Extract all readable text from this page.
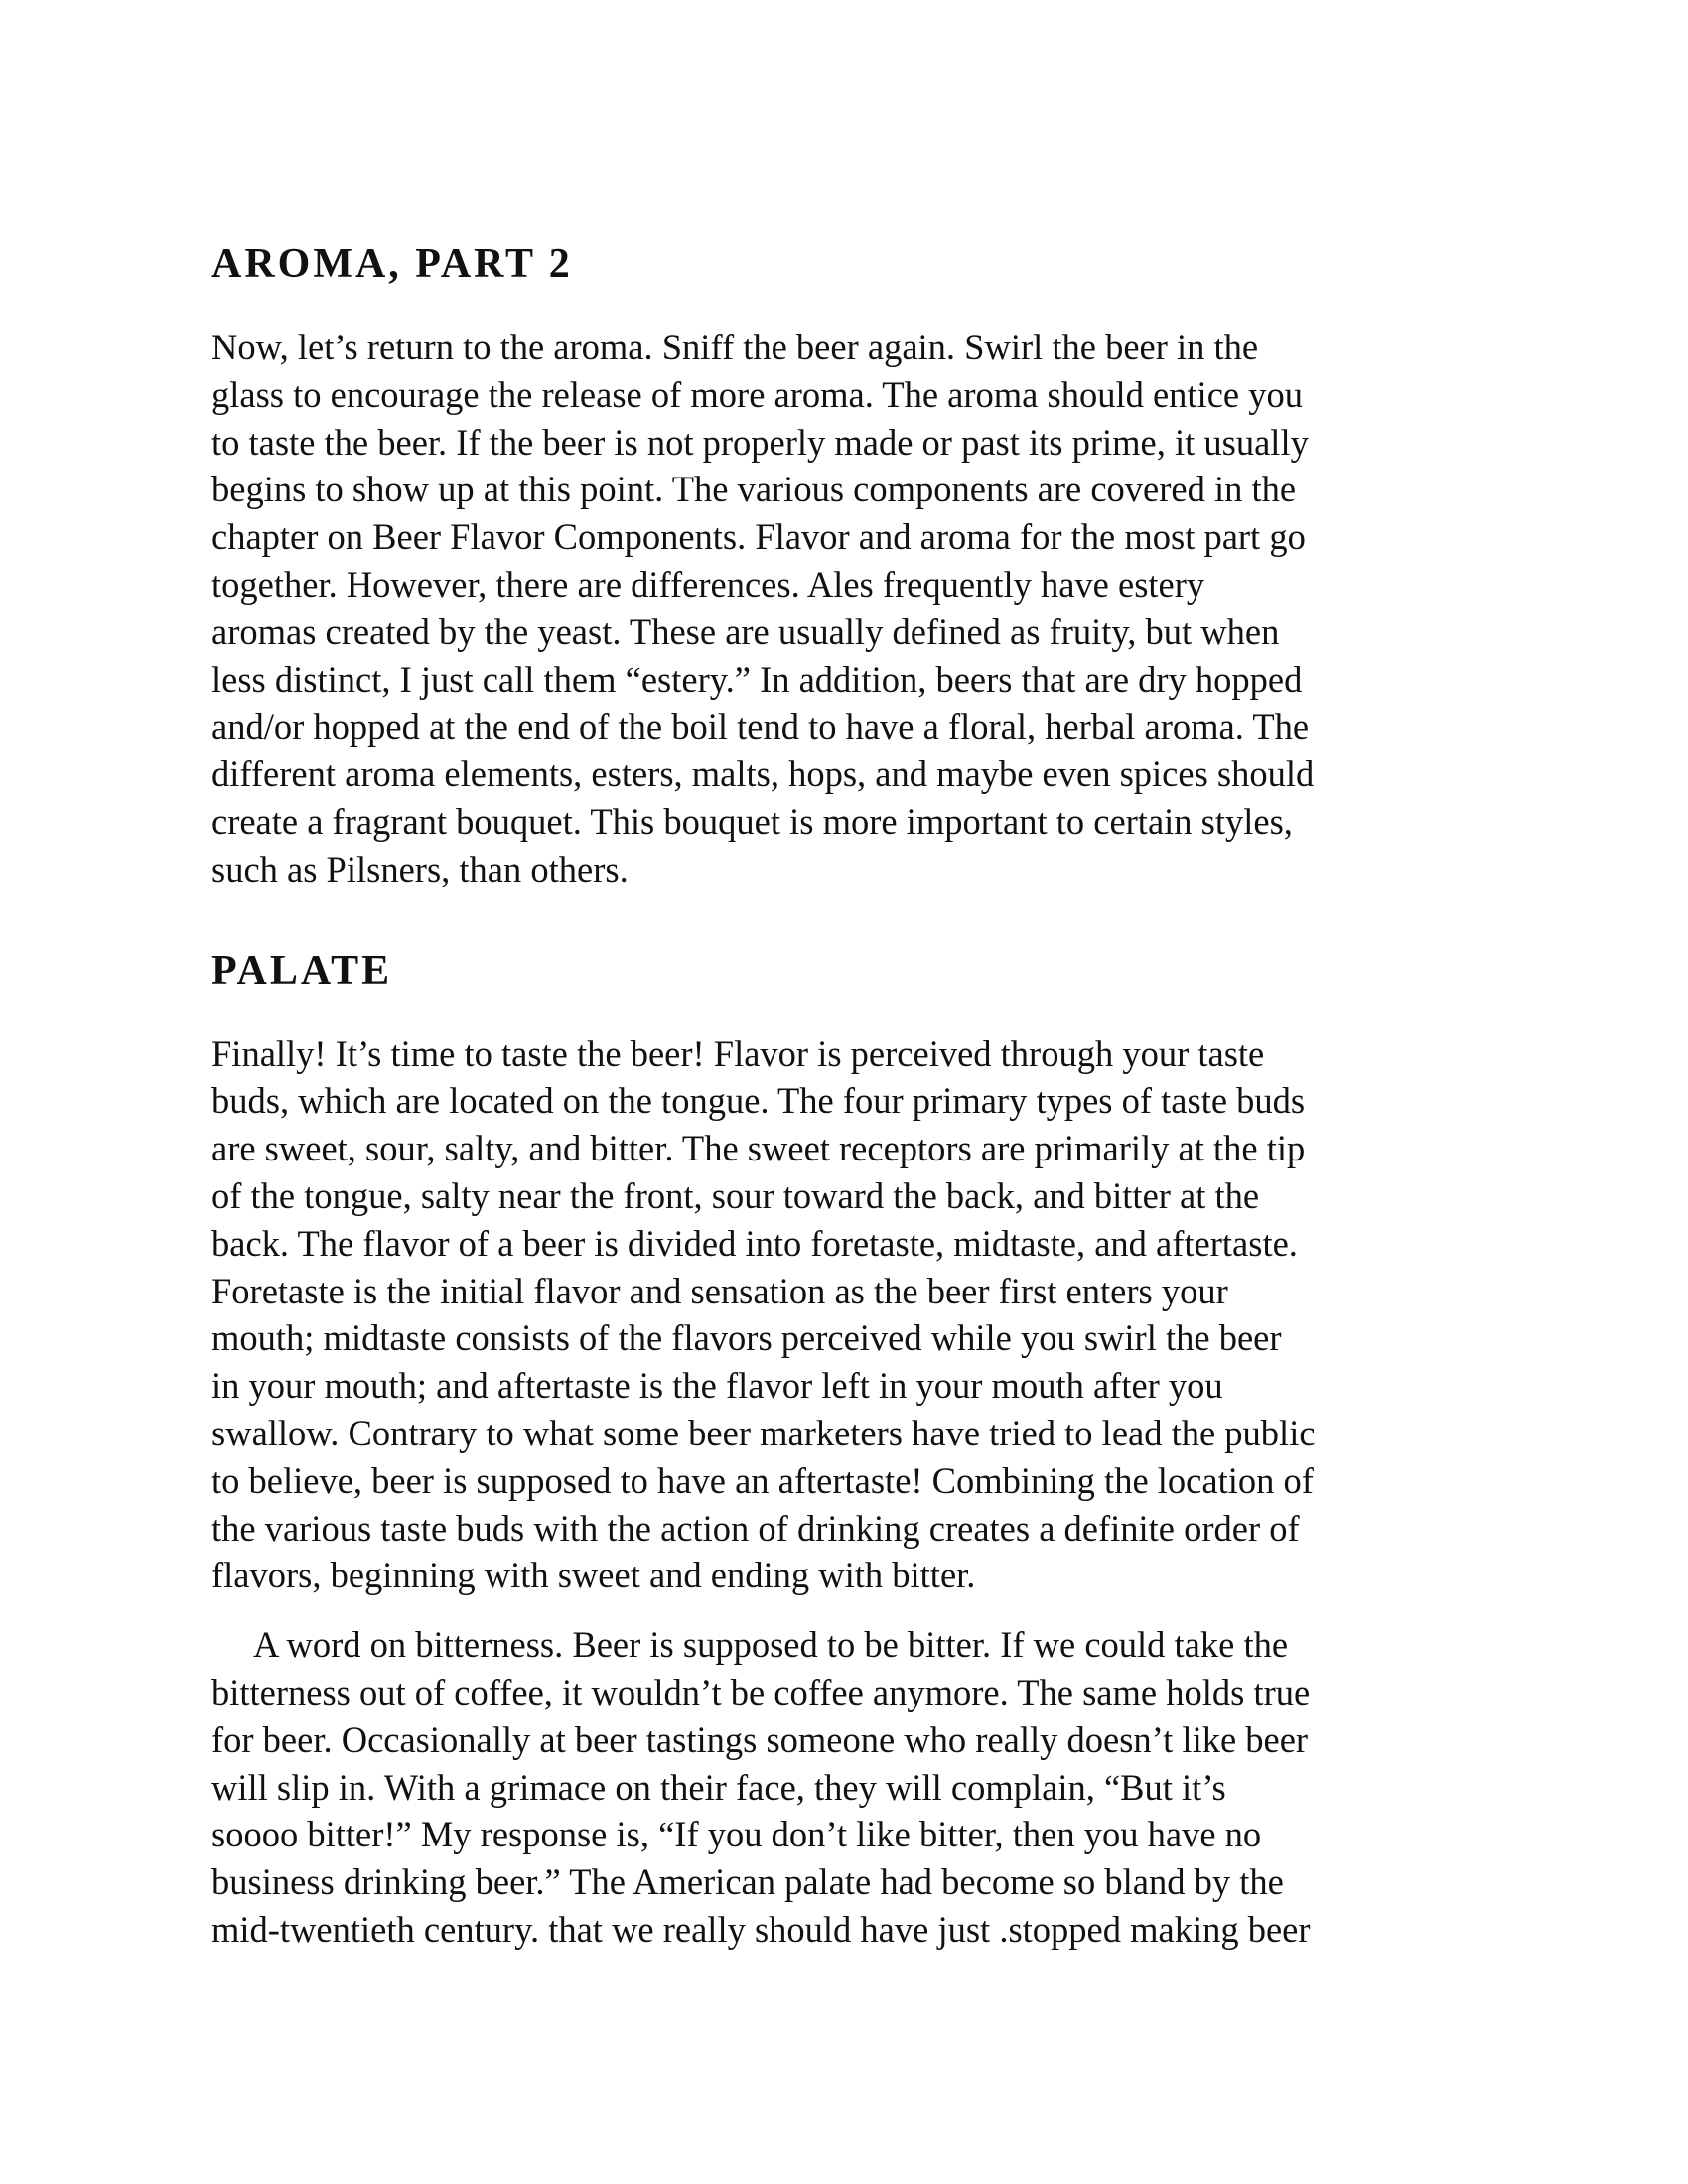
AROMA, PART 2

Now, let’s return to the aroma. Sniff the beer again. Swirl the beer in the
glass to encourage the release of more aroma. The aroma should entice you
to taste the beer. If the beer is not properly made or past its prime, it usually
begins to show up at this point. The various components are covered in the
chapter on Beer Flavor Components. Flavor and aroma for the most part go
together. However, there are differences. Ales frequently have estery
aromas created by the yeast. These are usually defined as fruity, but when
less distinct, I just call them “estery.” In addition, beers that are dry hopped
and/or hopped at the end of the boil tend to have a floral, herbal aroma. The
different aroma elements, esters, malts, hops, and maybe even spices should
create a fragrant bouquet. This bouquet is more important to certain styles,
such as Pilsners, than others.

PALATE

Finally! It’s time to taste the beer! Flavor is perceived through your taste
buds, which are located on the tongue. The four primary types of taste buds
are sweet, sour, salty, and bitter. The sweet receptors are primarily at the tip
of the tongue, salty near the front, sour toward the back, and bitter at the
back. The flavor of a beer is divided into foretaste, midtaste, and aftertaste.
Foretaste is the initial flavor and sensation as the beer first enters your
mouth; midtaste consists of the flavors perceived while you swirl the beer
in your mouth; and aftertaste is the flavor left in your mouth after you
swallow. Contrary to what some beer marketers have tried to lead the public
to believe, beer is supposed to have an aftertaste! Combining the location of
the various taste buds with the action of drinking creates a definite order of
flavors, beginning with sweet and ending with bitter.

A word on bitterness. Beer is supposed to be bitter. If we could take the
bitterness out of coffee, it wouldn’t be coffee anymore. The same holds true
for beer. Occasionally at beer tastings someone who really doesn’t like beer
will slip in. With a grimace on their face, they will complain, “But it’s
soooo bitter!” My response is, “If you don’t like bitter, then you have no
business drinking beer.” The American palate had become so bland by the
mid-twentieth century. that we really should have just .stopped making beer
